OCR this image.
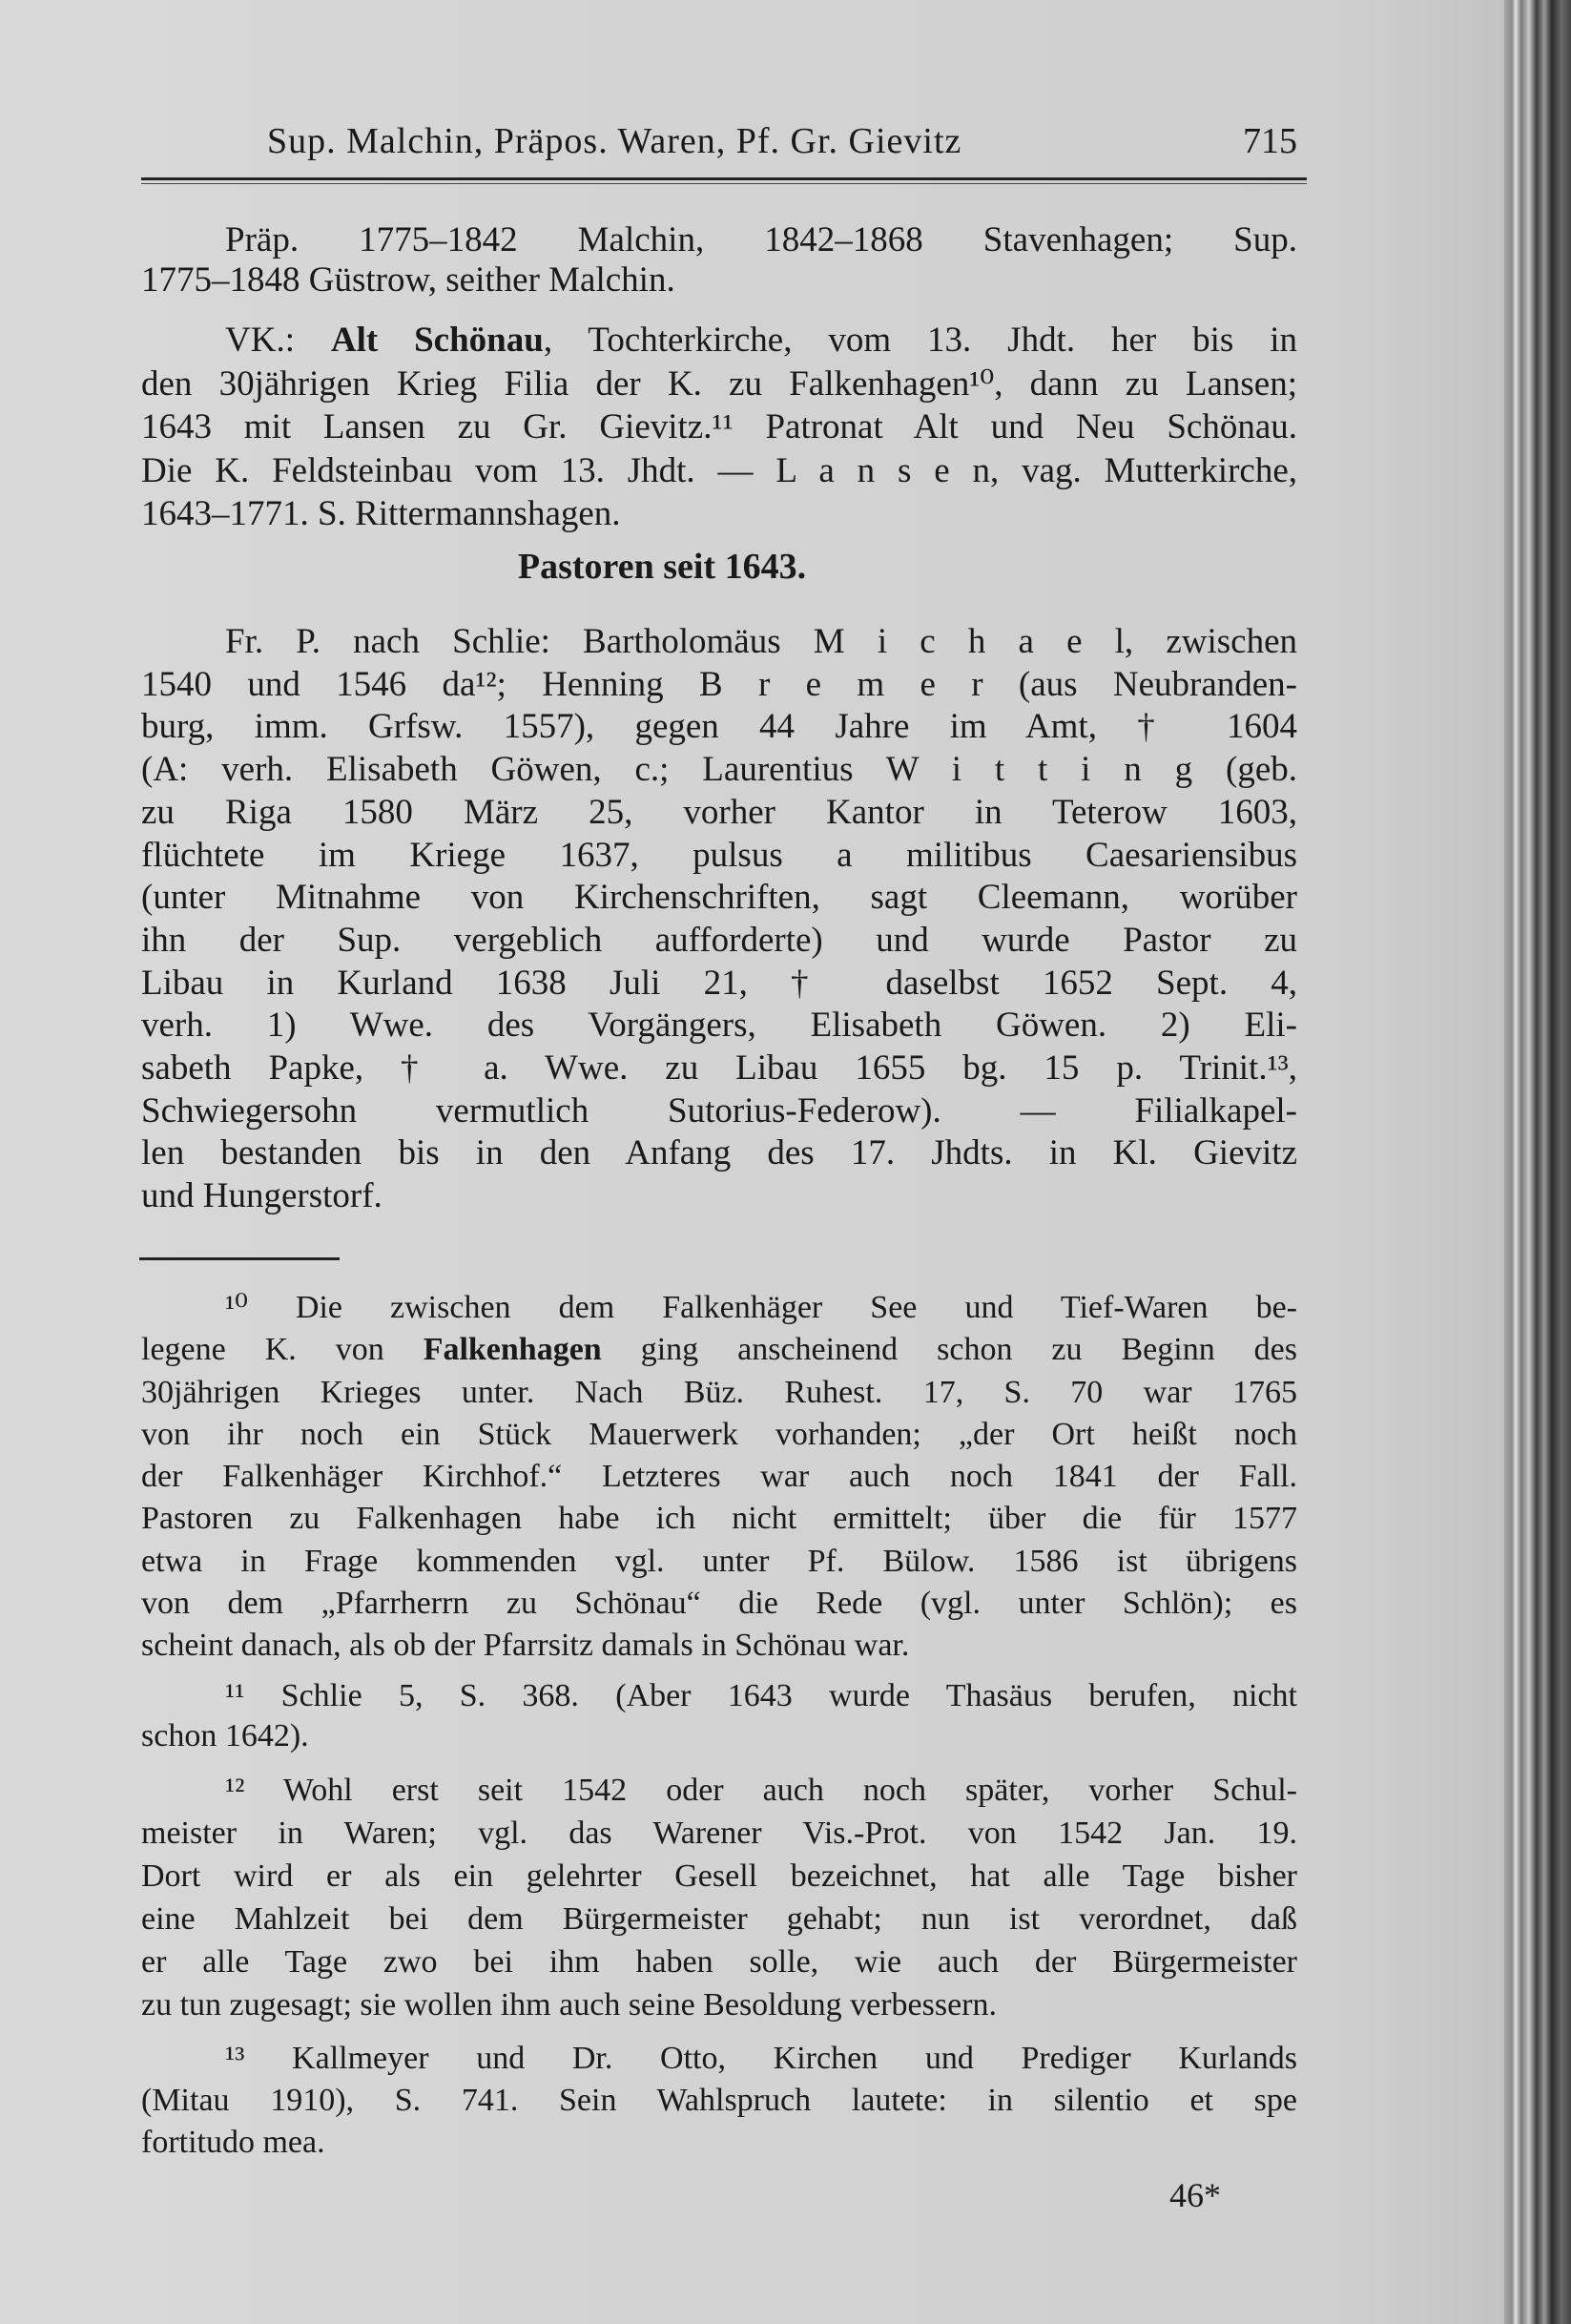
Sup. Malchin, Präpos. Waren, Pf. Gr. Gievitz	715
Präp. 1775–1842 Malchin, 1842–1868 Stavenhagen; Sup.
1775–1848 Güstrow, seither Malchin.
VK.: Alt Schönau, Tochterkirche, vom 13. Jhdt. her bis in
den 30jährigen Krieg Filia der K. zu Falkenhagen¹⁰, dann zu Lansen;
1643 mit Lansen zu Gr. Gievitz.¹¹ Patronat Alt und Neu Schönau.
Die K. Feldsteinbau vom 13. Jhdt. — L a n s e n, vag. Mutterkirche,
1643–1771. S. Rittermannshagen.
Pastoren seit 1643.
Fr. P. nach Schlie: Bartholomäus M i c h a e l, zwischen
1540 und 1546 da¹²; Henning B r e m e r (aus Neubranden-
burg, imm. Grfsw. 1557), gegen 44 Jahre im Amt, † 1604
(A: verh. Elisabeth Göwen, c.; Laurentius W i t t i n g (geb.
zu Riga 1580 März 25, vorher Kantor in Teterow 1603,
flüchtete im Kriege 1637, pulsus a militibus Caesariensibus
(unter Mitnahme von Kirchenschriften, sagt Cleemann, worüber
ihn der Sup. vergeblich aufforderte) und wurde Pastor zu
Libau in Kurland 1638 Juli 21, † daselbst 1652 Sept. 4,
verh. 1) Wwe. des Vorgängers, Elisabeth Göwen. 2) Eli-
sabeth Papke, † a. Wwe. zu Libau 1655 bg. 15 p. Trinit.¹³,
Schwiegersohn vermutlich Sutorius-Federow). — Filialkapel-
len bestanden bis in den Anfang des 17. Jhdts. in Kl. Gievitz
und Hungerstorf.
¹⁰ Die zwischen dem Falkenhäger See und Tief-Waren be-
legene K. von Falkenhagen ging anscheinend schon zu Beginn des
30jährigen Krieges unter. Nach Büz. Ruhest. 17, S. 70 war 1765
von ihr noch ein Stück Mauerwerk vorhanden; „der Ort heißt noch
der Falkenhäger Kirchhof.“ Letzteres war auch noch 1841 der Fall.
Pastoren zu Falkenhagen habe ich nicht ermittelt; über die für 1577
etwa in Frage kommenden vgl. unter Pf. Bülow. 1586 ist übrigens
von dem „Pfarrherrn zu Schönau“ die Rede (vgl. unter Schlön); es
scheint danach, als ob der Pfarrsitz damals in Schönau war.
¹¹ Schlie 5, S. 368. (Aber 1643 wurde Thasäus berufen, nicht
schon 1642).
¹² Wohl erst seit 1542 oder auch noch später, vorher Schul-
meister in Waren; vgl. das Warener Vis.-Prot. von 1542 Jan. 19.
Dort wird er als ein gelehrter Gesell bezeichnet, hat alle Tage bisher
eine Mahlzeit bei dem Bürgermeister gehabt; nun ist verordnet, daß
er alle Tage zwo bei ihm haben solle, wie auch der Bürgermeister
zu tun zugesagt; sie wollen ihm auch seine Besoldung verbessern.
¹³ Kallmeyer und Dr. Otto, Kirchen und Prediger Kurlands
(Mitau 1910), S. 741. Sein Wahlspruch lautete: in silentio et spe
fortitudo mea.
46*
